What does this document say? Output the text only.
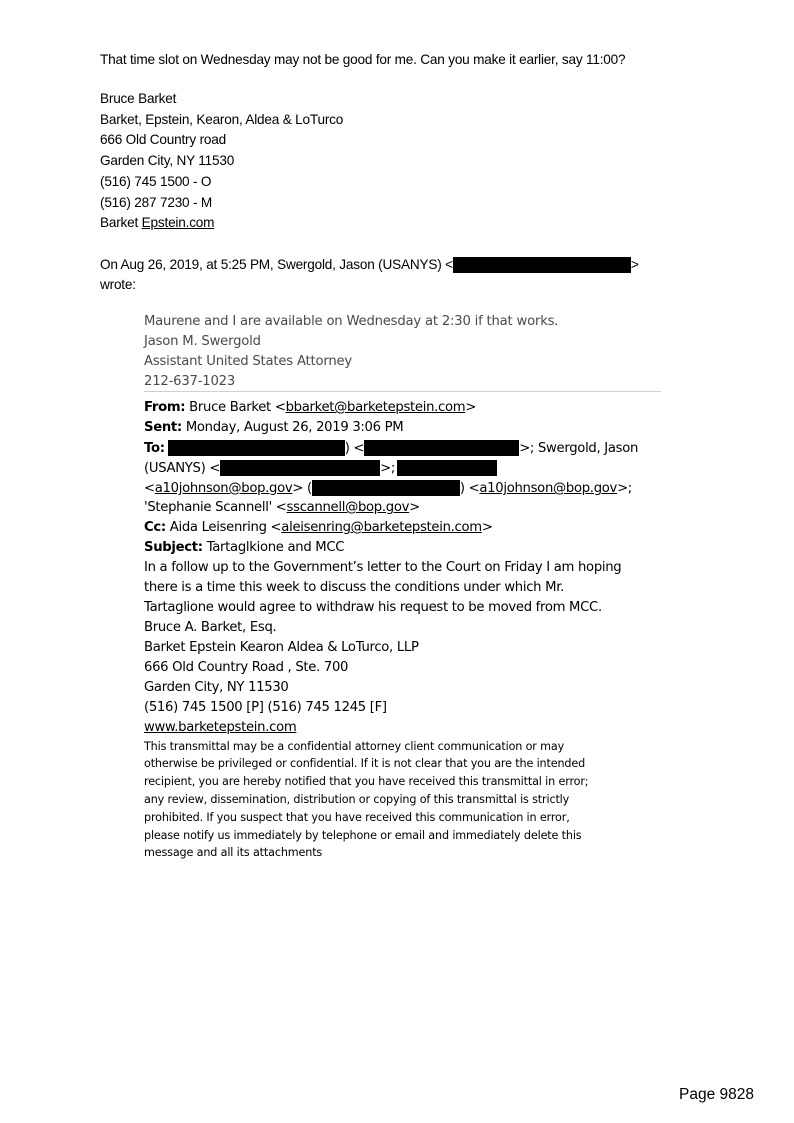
That time slot on Wednesday may not be good for me. Can you make it earlier, say 11:00?
Bruce Barket
Barket, Epstein, Kearon, Aldea & LoTurco
666 Old Country road
Garden City, NY 11530
(516) 745 1500 - O
(516) 287 7230 - M
Barket Epstein.com
On Aug 26, 2019, at 5:25 PM, Swergold, Jason (USANYS) <	>
wrote:
Maurene and I are available on Wednesday at 2:30 if that works.
Jason M. Swergold
Assistant United States Attorney
212-637-1023
From: Bruce Barket <bbarket@barketepstein.com>
Sent: Monday, August 26, 2019 3:06 PM
To:	) <	>; Swergold, Jason
(USANYS) <	>;
<a10johnson@bop.gov> (	) <a10johnson@bop.gov>;
'Stephanie Scannell' <sscannell@bop.gov>
Cc: Aida Leisenring <aleisenring@barketepstein.com>
Subject: Tartaglkione and MCC
In a follow up to the Government’s letter to the Court on Friday I am hoping
there is a time this week to discuss the conditions under which Mr.
Tartaglione would agree to withdraw his request to be moved from MCC.
Bruce A. Barket, Esq.
Barket Epstein Kearon Aldea & LoTurco, LLP
666 Old Country Road , Ste. 700
Garden City, NY 11530
(516) 745 1500 [P] (516) 745 1245 [F]
www.barketepstein.com
This transmittal may be a confidential attorney client communication or may
otherwise be privileged or confidential. If it is not clear that you are the intended
recipient, you are hereby notified that you have received this transmittal in error;
any review, dissemination, distribution or copying of this transmittal is strictly
prohibited. If you suspect that you have received this communication in error,
please notify us immediately by telephone or email and immediately delete this
message and all its attachments
Page 9828
